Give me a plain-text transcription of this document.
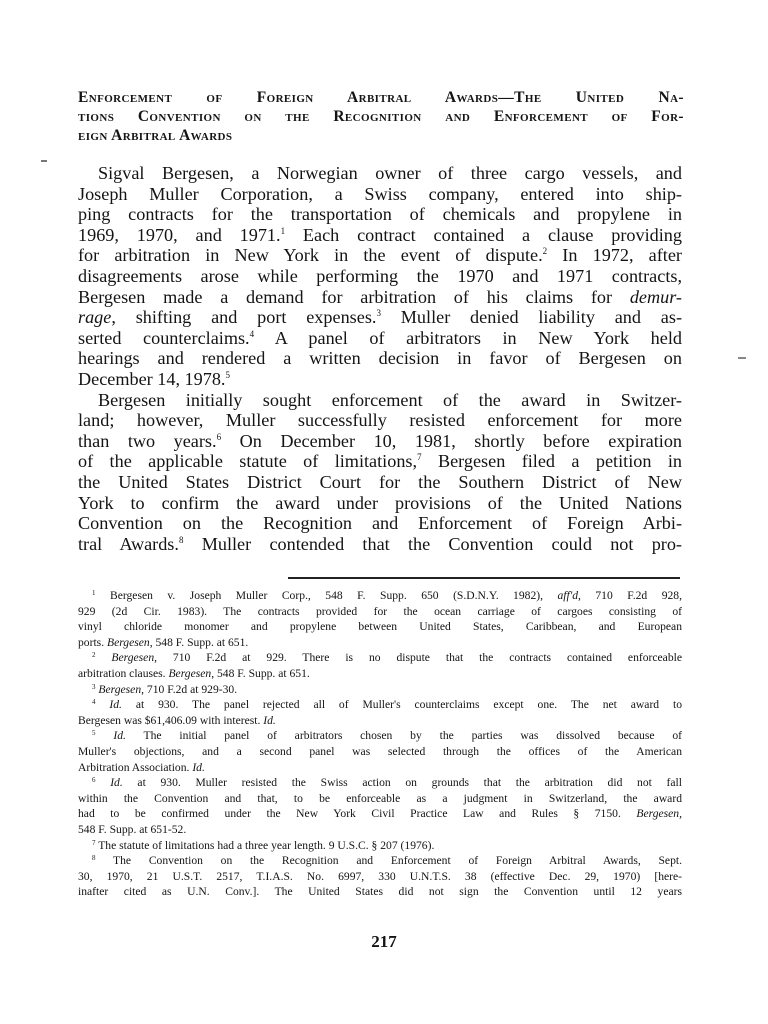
Enforcement of Foreign Arbitral Awards—The United Na-
tions Convention on the Recognition and Enforcement of For-
eign Arbitral Awards
Sigval Bergesen, a Norwegian owner of three cargo vessels, and
Joseph Muller Corporation, a Swiss company, entered into ship-
ping contracts for the transportation of chemicals and propylene in
1969, 1970, and 1971.$^1$ Each contract contained a clause providing
for arbitration in New York in the event of dispute.$^2$ In 1972, after
disagreements arose while performing the 1970 and 1971 contracts,
Bergesen made a demand for arbitration of his claims for demur-
rage, shifting and port expenses.$^3$ Muller denied liability and as-
serted counterclaims.$^4$ A panel of arbitrators in New York held
hearings and rendered a written decision in favor of Bergesen on
December 14, 1978.$^5$
Bergesen initially sought enforcement of the award in Switzer-
land; however, Muller successfully resisted enforcement for more
than two years.$^6$ On December 10, 1981, shortly before expiration
of the applicable statute of limitations,$^7$ Bergesen filed a petition in
the United States District Court for the Southern District of New
York to confirm the award under provisions of the United Nations
Convention on the Recognition and Enforcement of Foreign Arbi-
tral Awards.$^8$ Muller contended that the Convention could not pro-
$^1$ Bergesen v. Joseph Muller Corp., 548 F. Supp. 650 (S.D.N.Y. 1982), aff'd, 710 F.2d 928,
929 (2d Cir. 1983). The contracts provided for the ocean carriage of cargoes consisting of
vinyl chloride monomer and propylene between United States, Caribbean, and European
ports. Bergesen, 548 F. Supp. at 651.
$^2$ Bergesen, 710 F.2d at 929. There is no dispute that the contracts contained enforceable
arbitration clauses. Bergesen, 548 F. Supp. at 651.
$^3$ Bergesen, 710 F.2d at 929-30.
$^4$ Id. at 930. The panel rejected all of Muller's counterclaims except one. The net award to
Bergesen was $61,406.09 with interest. Id.
$^5$ Id. The initial panel of arbitrators chosen by the parties was dissolved because of
Muller's objections, and a second panel was selected through the offices of the American
Arbitration Association. Id.
$^6$ Id. at 930. Muller resisted the Swiss action on grounds that the arbitration did not fall
within the Convention and that, to be enforceable as a judgment in Switzerland, the award
had to be confirmed under the New York Civil Practice Law and Rules § 7150. Bergesen,
548 F. Supp. at 651-52.
$^7$ The statute of limitations had a three year length. 9 U.S.C. § 207 (1976).
$^8$ The Convention on the Recognition and Enforcement of Foreign Arbitral Awards, Sept.
30, 1970, 21 U.S.T. 2517, T.I.A.S. No. 6997, 330 U.N.T.S. 38 (effective Dec. 29, 1970) [here-
inafter cited as U.N. Conv.]. The United States did not sign the Convention until 12 years
217
